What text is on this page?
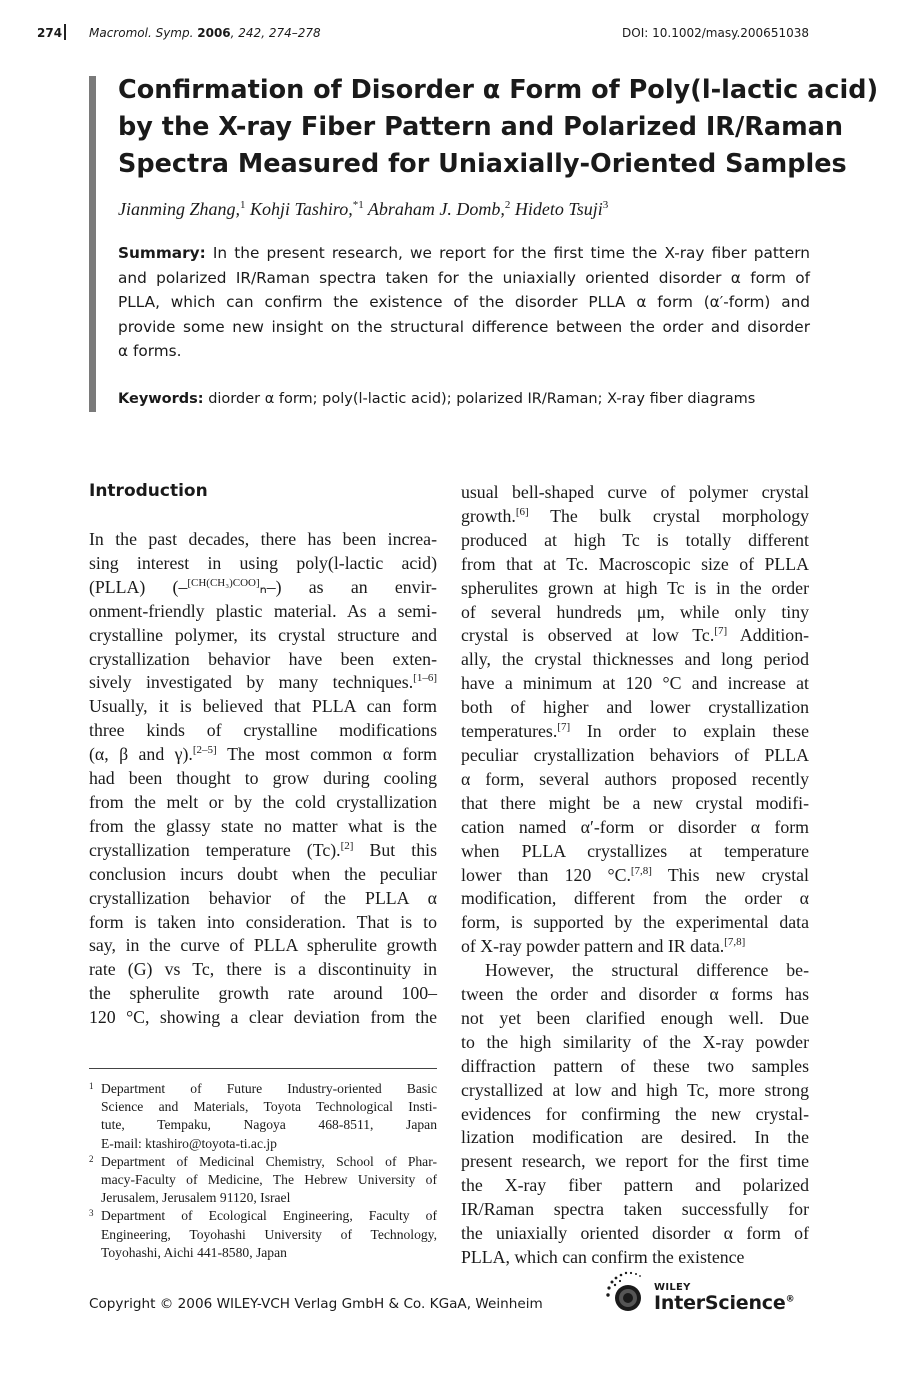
274 Macromol. Symp. 2006, 242, 274–278	DOI: 10.1002/masy.200651038
Confirmation of Disorder α Form of Poly(l-lactic acid)
by the X-ray Fiber Pattern and Polarized IR/Raman
Spectra Measured for Uniaxially-Oriented Samples
Jianming Zhang,$^1$ Kohji Tashiro,$^{*1}$ Abraham J. Domb,$^2$ Hideto Tsuji$^3$
Summary: In the present research, we report for the first time the X-ray fiber pattern
and polarized IR/Raman spectra taken for the uniaxially oriented disorder α form of
PLLA, which can confirm the existence of the disorder PLLA α form (α′-form) and
provide some new insight on the structural difference between the order and disorder
α forms.
Keywords: diorder α form; poly(l-lactic acid); polarized IR/Raman; X-ray fiber diagrams
Introduction
In the past decades, there has been increa-
sing interest in using poly(l-lactic acid)
(PLLA) (–[CH(CH₃)COO]ₙ–) as an envir-
onment-friendly plastic material. As a semi-
crystalline polymer, its crystal structure and
crystallization behavior have been exten-
sively investigated by many techniques.[1–6]
Usually, it is believed that PLLA can form
three kinds of crystalline modifications
(α, β and γ).[2–5] The most common α form
had been thought to grow during cooling
from the melt or by the cold crystallization
from the glassy state no matter what is the
crystallization temperature (Tc).[2] But this
conclusion incurs doubt when the peculiar
crystallization behavior of the PLLA α
form is taken into consideration. That is to
say, in the curve of PLLA spherulite growth
rate (G) vs Tc, there is a discontinuity in
the spherulite growth rate around 100–
120 °C, showing a clear deviation from the
usual bell-shaped curve of polymer crystal
growth.[6] The bulk crystal morphology
produced at high Tc is totally different
from that at Tc. Macroscopic size of PLLA
spherulites grown at high Tc is in the order
of several hundreds μm, while only tiny
crystal is observed at low Tc.[7] Addition-
ally, the crystal thicknesses and long period
have a minimum at 120 °C and increase at
both of higher and lower crystallization
temperatures.[7] In order to explain these
peculiar crystallization behaviors of PLLA
α form, several authors proposed recently
that there might be a new crystal modifi-
cation named α′-form or disorder α form
when PLLA crystallizes at temperature
lower than 120 °C.[7,8] This new crystal
modification, different from the order α
form, is supported by the experimental data
of X-ray powder pattern and IR data.[7,8]
However, the structural difference be-
tween the order and disorder α forms has
not yet been clarified enough well. Due
to the high similarity of the X-ray powder
diffraction pattern of these two samples
crystallized at low and high Tc, more strong
evidences for confirming the new crystal-
lization modification are desired. In the
present research, we report for the first time
the X-ray fiber pattern and polarized
IR/Raman spectra taken successfully for
the uniaxially oriented disorder α form of
PLLA, which can confirm the existence
1 Department of Future Industry-oriented Basic
Science and Materials, Toyota Technological Insti-
tute, Tempaku, Nagoya 468-8511, Japan
E-mail: ktashiro@toyota-ti.ac.jp
2 Department of Medicinal Chemistry, School of Phar-
macy-Faculty of Medicine, The Hebrew University of
Jerusalem, Jerusalem 91120, Israel
3 Department of Ecological Engineering, Faculty of
Engineering, Toyohashi University of Technology,
Toyohashi, Aichi 441-8580, Japan
Copyright © 2006 WILEY-VCH Verlag GmbH & Co. KGaA, Weinheim
WILEY
InterScience®
